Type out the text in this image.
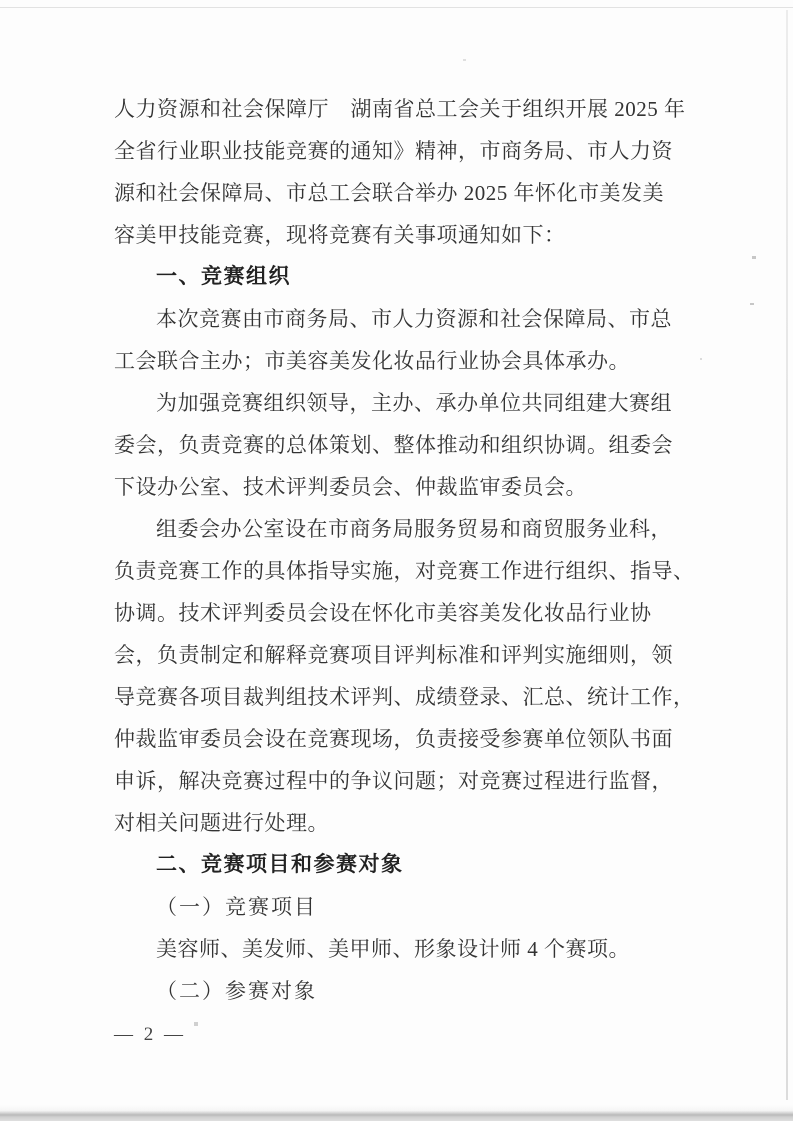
人力资源和社会保障厅　湖南省总工会关于组织开展 2025 年
全省行业职业技能竞赛的通知》精神，市商务局、市人力资
源和社会保障局、市总工会联合举办 2025 年怀化市美发美
容美甲技能竞赛，现将竞赛有关事项通知如下：
一、竞赛组织
本次竞赛由市商务局、市人力资源和社会保障局、市总
工会联合主办；市美容美发化妆品行业协会具体承办。
为加强竞赛组织领导，主办、承办单位共同组建大赛组
委会，负责竞赛的总体策划、整体推动和组织协调。组委会
下设办公室、技术评判委员会、仲裁监审委员会。
组委会办公室设在市商务局服务贸易和商贸服务业科，
负责竞赛工作的具体指导实施，对竞赛工作进行组织、指导、
协调。技术评判委员会设在怀化市美容美发化妆品行业协
会，负责制定和解释竞赛项目评判标准和评判实施细则，领
导竞赛各项目裁判组技术评判、成绩登录、汇总、统计工作，
仲裁监审委员会设在竞赛现场，负责接受参赛单位领队书面
申诉，解决竞赛过程中的争议问题；对竞赛过程进行监督，
对相关问题进行处理。
二、竞赛项目和参赛对象
（一）竞赛项目
美容师、美发师、美甲师、形象设计师 4 个赛项。
（二）参赛对象
— 2 —
